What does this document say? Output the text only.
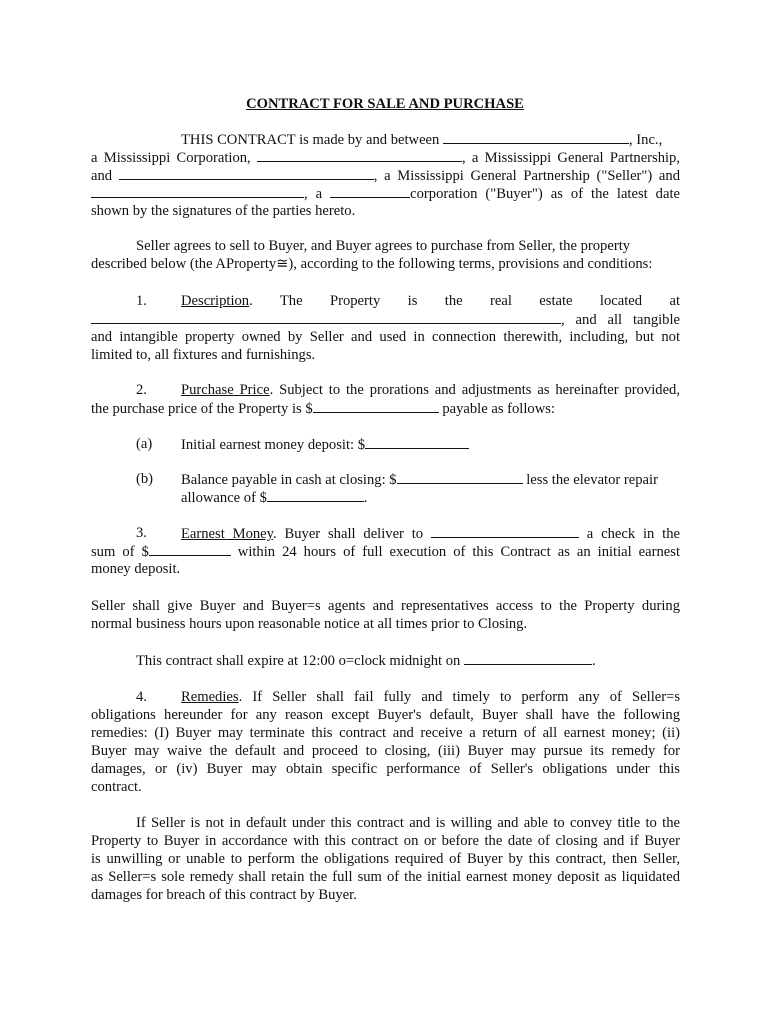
CONTRACT FOR SALE AND PURCHASE
THIS CONTRACT is made by and between	, Inc.,
a Mississippi Corporation,	, a Mississippi General Partnership,
and	, a Mississippi General Partnership ("Seller") and
, a	corporation ("Buyer") as of the latest date
shown by the signatures of the parties hereto.
Seller agrees to sell to Buyer, and Buyer agrees to purchase from Seller, the property
described below (the AProperty≅), according to the following terms, provisions and conditions:
1. Description. The Property is the real estate located at
, and all tangible
and intangible property owned by Seller and used in connection therewith, including, but not
limited to, all fixtures and furnishings.
2. Purchase Price. Subject to the prorations and adjustments as hereinafter provided,
the purchase price of the Property is $	payable as follows:
(a) Initial earnest money deposit: $
(b) Balance payable in cash at closing: $	less the elevator repair
allowance of $	.
3. Earnest Money. Buyer shall deliver to	a check in the
sum of $	within 24 hours of full execution of this Contract as an initial earnest
money deposit.
Seller shall give Buyer and Buyer=s agents and representatives access to the Property during
normal business hours upon reasonable notice at all times prior to Closing.
This contract shall expire at 12:00 o=clock midnight on	.
4. Remedies. If Seller shall fail fully and timely to perform any of Seller=s
obligations hereunder for any reason except Buyer's default, Buyer shall have the following
remedies: (I) Buyer may terminate this contract and receive a return of all earnest money; (ii)
Buyer may waive the default and proceed to closing, (iii) Buyer may pursue its remedy for
damages, or (iv) Buyer may obtain specific performance of Seller's obligations under this
contract.
If Seller is not in default under this contract and is willing and able to convey title to the
Property to Buyer in accordance with this contract on or before the date of closing and if Buyer
is unwilling or unable to perform the obligations required of Buyer by this contract, then Seller,
as Seller=s sole remedy shall retain the full sum of the initial earnest money deposit as liquidated
damages for breach of this contract by Buyer.
